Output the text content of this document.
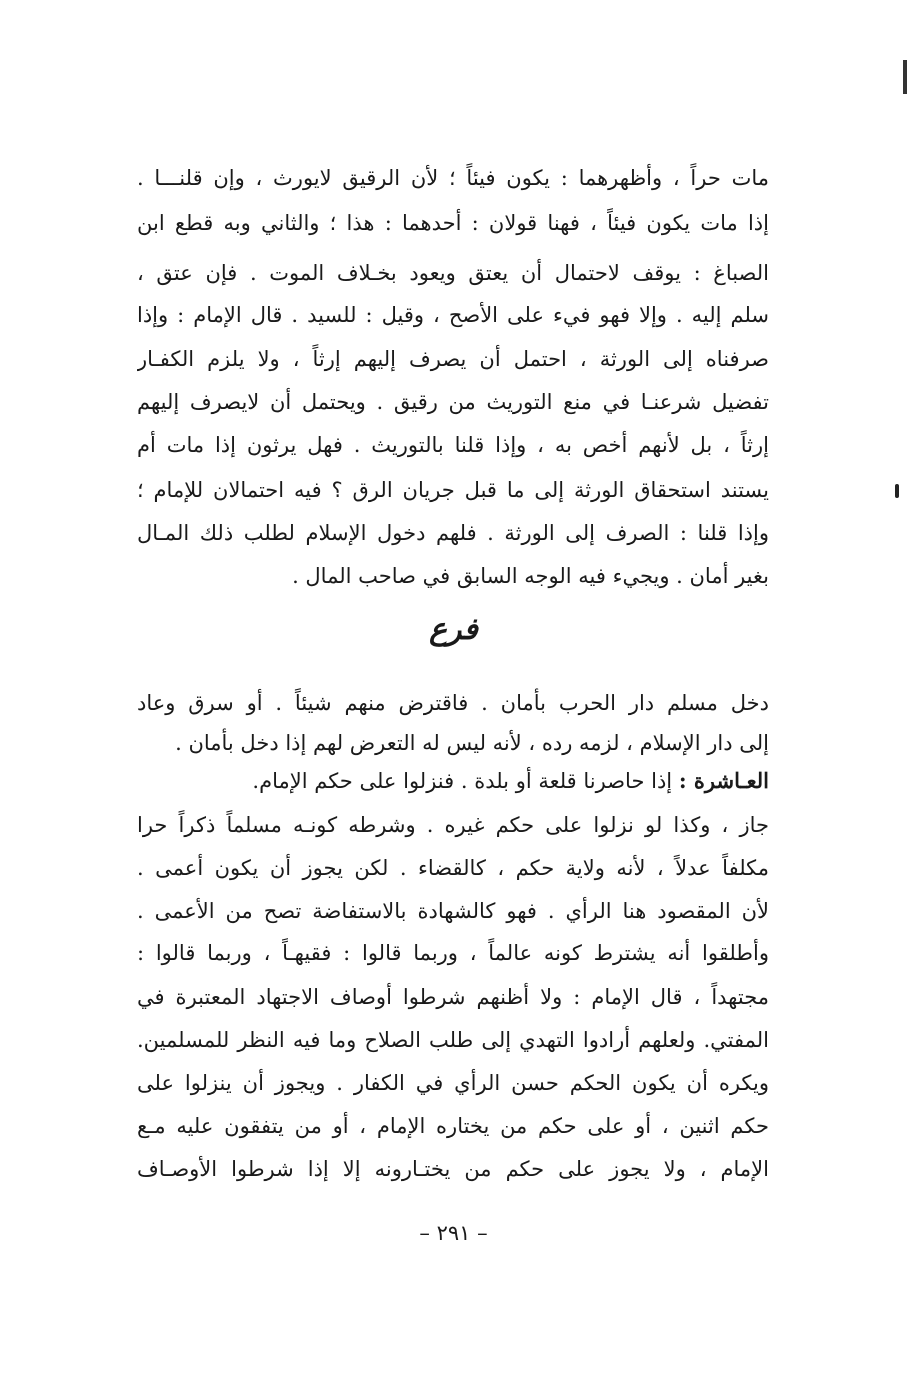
مات حراً ، وأظهرهما : يكون فيئاً ؛ لأن الرقيق لايورث ، وإن قلنـــا .
إذا مات يكون فيئاً ، فهنا قولان : أحدهما : هذا ؛ والثاني وبه قطع ابن
الصباغ : يوقف لاحتمال أن يعتق ويعود بخـلاف الموت . فإن عتق ،
سلم إليه . وإلا فهو فيء على الأصح ، وقيل : للسيد . قال الإمام : وإذا
صرفناه إلى الورثة ، احتمل أن يصرف إليهم إرثاً ، ولا يلزم الكفـار
تفضيل شرعنـا في منع التوريث من رقيق . ويحتمل أن لايصرف إليهم
إرثاً ، بل لأنهم أخص به ، وإذا قلنا بالتوريث . فهل يرثون إذا مات أم
يستند استحقاق الورثة إلى ما قبل جريان الرق ؟ فيه احتمالان للإمام ؛
وإذا قلنا : الصرف إلى الورثة . فلهم دخول الإسلام لطلب ذلك المـال
بغير أمان . ويجيء فيه الوجه السابق في صاحب المال .
فرع
دخل مسلم دار الحرب بأمان . فاقترض منهم شيئاً . أو سرق وعاد
إلى دار الإسلام ، لزمه رده ، لأنه ليس له التعرض لهم إذا دخل بأمان .
العـاشرة : إذا حاصرنا قلعة أو بلدة . فنزلوا على حكم الإمام.
جاز ، وكذا لو نزلوا على حكم غيره . وشرطه كونـه مسلماً ذكراً حرا
مكلفاً عدلاً ، لأنه ولاية حكم ، كالقضاء . لكن يجوز أن يكون أعمى .
لأن المقصود هنا الرأي . فهو كالشهادة بالاستفاضة تصح من الأعمى .
وأطلقوا أنه يشترط كونه عالماً ، وربما قالوا : فقيهـاً ، وربما قالوا :
مجتهداً ، قال الإمام : ولا أظنهم شرطوا أوصاف الاجتهاد المعتبرة في
المفتي. ولعلهم أرادوا التهدي إلى طلب الصلاح وما فيه النظر للمسلمين.
ويكره أن يكون الحكم حسن الرأي في الكفار . ويجوز أن ينزلوا على
حكم اثنين ، أو على حكم من يختاره الإمام ، أو من يتفقون عليه مـع
الإمام ، ولا يجوز على حكم من يختـارونه إلا إذا شرطوا الأوصـاف
– ٢٩١ –
